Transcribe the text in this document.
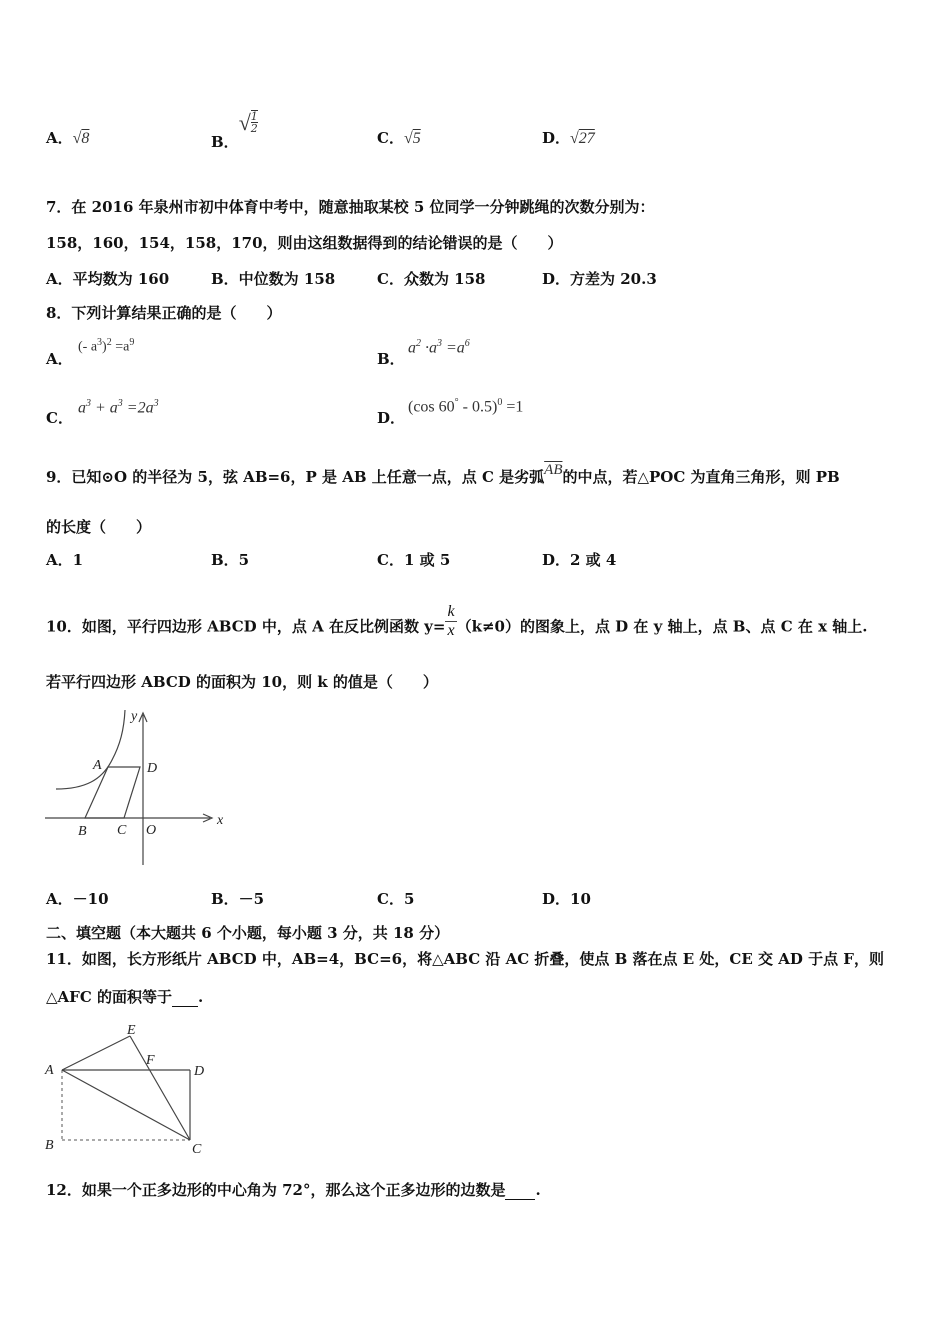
A．√8	B．√ $\frac{1}{2}$
C．√5	D．√27
7．在 2016 年泉州市初中体育中考中，随意抽取某校 5 位同学一分钟跳绳的次数分别为：
158，160，154，158，170，则由这组数据得到的结论错误的是（　　）
A．平均数为 160	B．中位数为 158	C．众数为 158	D．方差为 20.3
8．下列计算结果正确的是（　　）
A．
(- $a^3)^2 =a^9$
B．
$a^2 \cdot a^3 =a^6$
C．
$a^3 + a^3 =2a^3$
D．
(cos 60° - 0.5)$^0$ =1
9．已知⊙O 的半径为 5，弦 AB=6，P 是 AB 上任意一点，点 C 是劣弧$\overline{AB}$的中点，若△POC 为直角三角形，则 PB
的长度（　　）
A．1	B．5	C．1 或 5	D．2 或 4
10．如图，平行四边形 ABCD 中，点 A 在反比例函数 $y= \frac{k}{x} (k\ne 0)$的图象上，点 D 在 y 轴上，点 B、点 C 在 x 轴上.
若平行四边形 ABCD 的面积为 10，则 k 的值是（　　）
A	D
B C O
x
y
A．－10	B．－5	C．5	D．10
二、填空题（本大题共 6 个小题，每小题 3 分，共 18 分）
11．如图，长方形纸片 ABCD 中，AB=4，BC=6，将△ABC 沿 AC 折叠，使点 B 落在点 E 处，CE 交 AD 于点 F，则
△AFC 的面积等于 .
A
B	C
D
E
F
12．如果一个正多边形的中心角为 72°，那么这个正多边形的边数是 .
